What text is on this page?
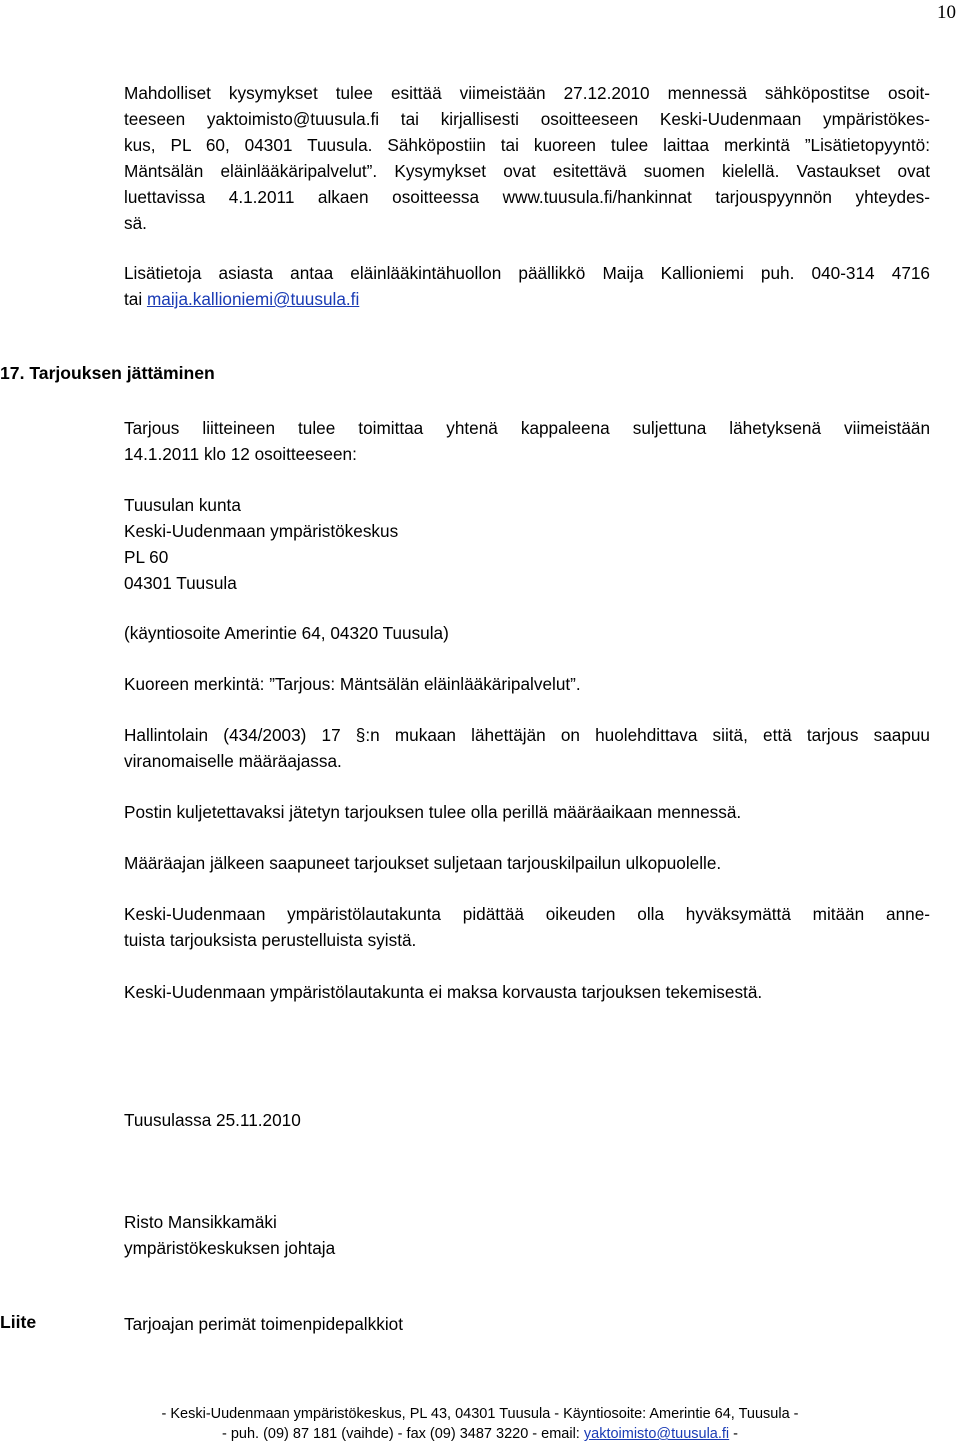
10
Mahdolliset kysymykset tulee esittää viimeistään 27.12.2010 mennessä sähköpostitse osoit-
teeseen yaktoimisto@tuusula.fi tai kirjallisesti osoitteeseen Keski-Uudenmaan ympäristökes-
kus, PL 60, 04301 Tuusula. Sähköpostiin tai kuoreen tulee laittaa merkintä ”Lisätietopyyntö:
Mäntsälän eläinlääkäripalvelut”. Kysymykset ovat esitettävä suomen kielellä. Vastaukset ovat
luettavissa 4.1.2011 alkaen osoitteessa www.tuusula.fi/hankinnat tarjouspyynnön yhteydes-
sä.
Lisätietoja asiasta antaa eläinlääkintähuollon päällikkö Maija Kallioniemi puh. 040-314 4716
tai maija.kallioniemi@tuusula.fi
17. Tarjouksen jättäminen
Tarjous liitteineen tulee toimittaa yhtenä kappaleena suljettuna lähetyksenä viimeistään
14.1.2011 klo 12 osoitteeseen:
Tuusulan kunta
Keski-Uudenmaan ympäristökeskus
PL 60
04301 Tuusula
(käyntiosoite Amerintie 64, 04320 Tuusula)
Kuoreen merkintä: ”Tarjous: Mäntsälän eläinlääkäripalvelut”.
Hallintolain (434/2003) 17 §:n mukaan lähettäjän on huolehdittava siitä, että tarjous saapuu
viranomaiselle määräajassa.
Postin kuljetettavaksi jätetyn tarjouksen tulee olla perillä määräaikaan mennessä.
Määräajan jälkeen saapuneet tarjoukset suljetaan tarjouskilpailun ulkopuolelle.
Keski-Uudenmaan ympäristölautakunta pidättää oikeuden olla hyväksymättä mitään anne-
tuista tarjouksista perustelluista syistä.
Keski-Uudenmaan ympäristölautakunta ei maksa korvausta tarjouksen tekemisestä.
Tuusulassa 25.11.2010
Risto Mansikkamäki
ympäristökeskuksen johtaja
Liite	Tarjoajan perimät toimenpidepalkkiot
- Keski-Uudenmaan ympäristökeskus, PL 43, 04301 Tuusula - Käyntiosoite: Amerintie 64, Tuusula -
- puh. (09) 87 181 (vaihde) - fax (09) 3487 3220 - email: yaktoimisto@tuusula.fi -
